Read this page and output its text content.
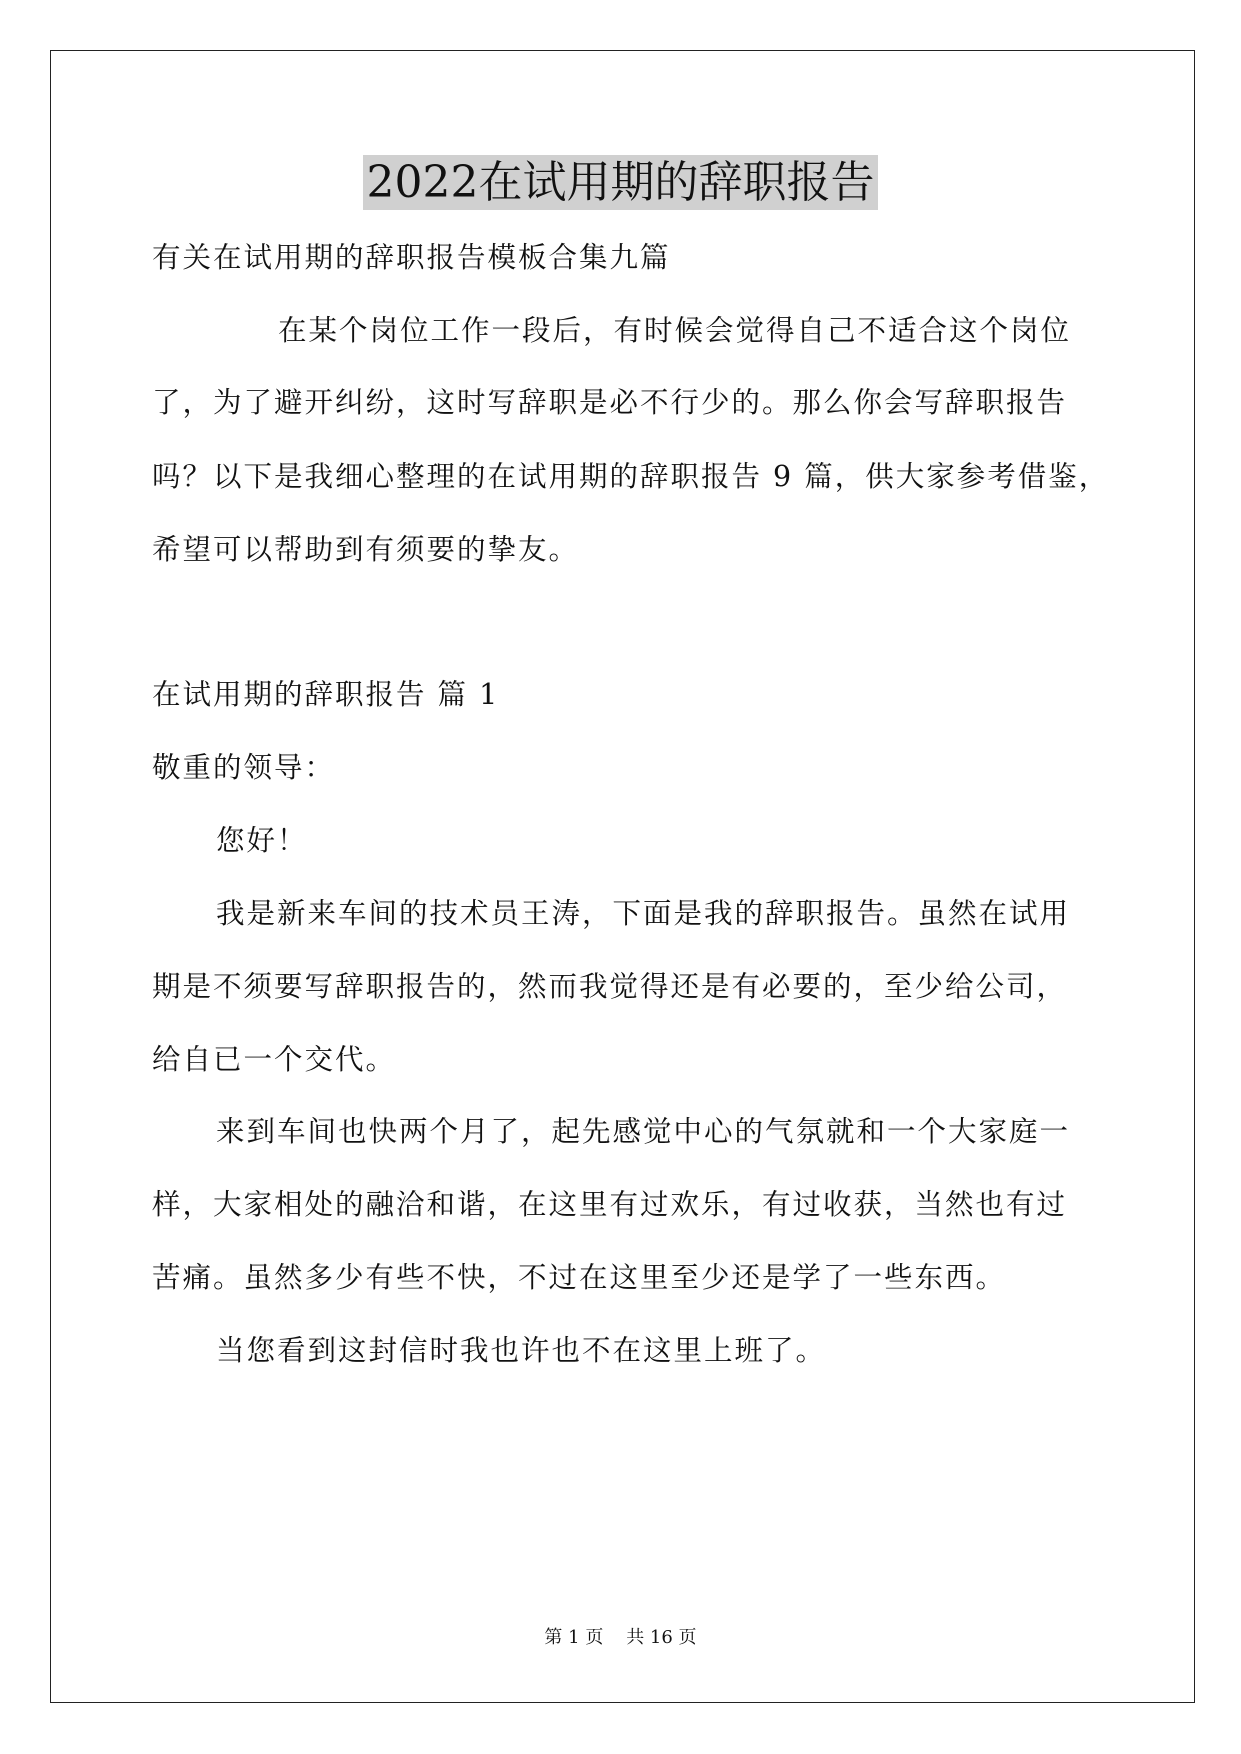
2022在试用期的辞职报告

有关在试用期的辞职报告模板合集九篇

在某个岗位工作一段后，有时候会觉得自己不适合这个岗位

了，为了避开纠纷，这时写辞职是必不行少的。那么你会写辞职报告

吗？以下是我细心整理的在试用期的辞职报告 9 篇，供大家参考借鉴，

希望可以帮助到有须要的挚友。

在试用期的辞职报告 篇 1

敬重的领导：

您好！

我是新来车间的技术员王涛，下面是我的辞职报告。虽然在试用

期是不须要写辞职报告的，然而我觉得还是有必要的，至少给公司，

给自已一个交代。

来到车间也快两个月了，起先感觉中心的气氛就和一个大家庭一

样，大家相处的融洽和谐，在这里有过欢乐，有过收获，当然也有过

苦痛。虽然多少有些不快，不过在这里至少还是学了一些东西。

当您看到这封信时我也许也不在这里上班了。

第 1 页    共 16 页
